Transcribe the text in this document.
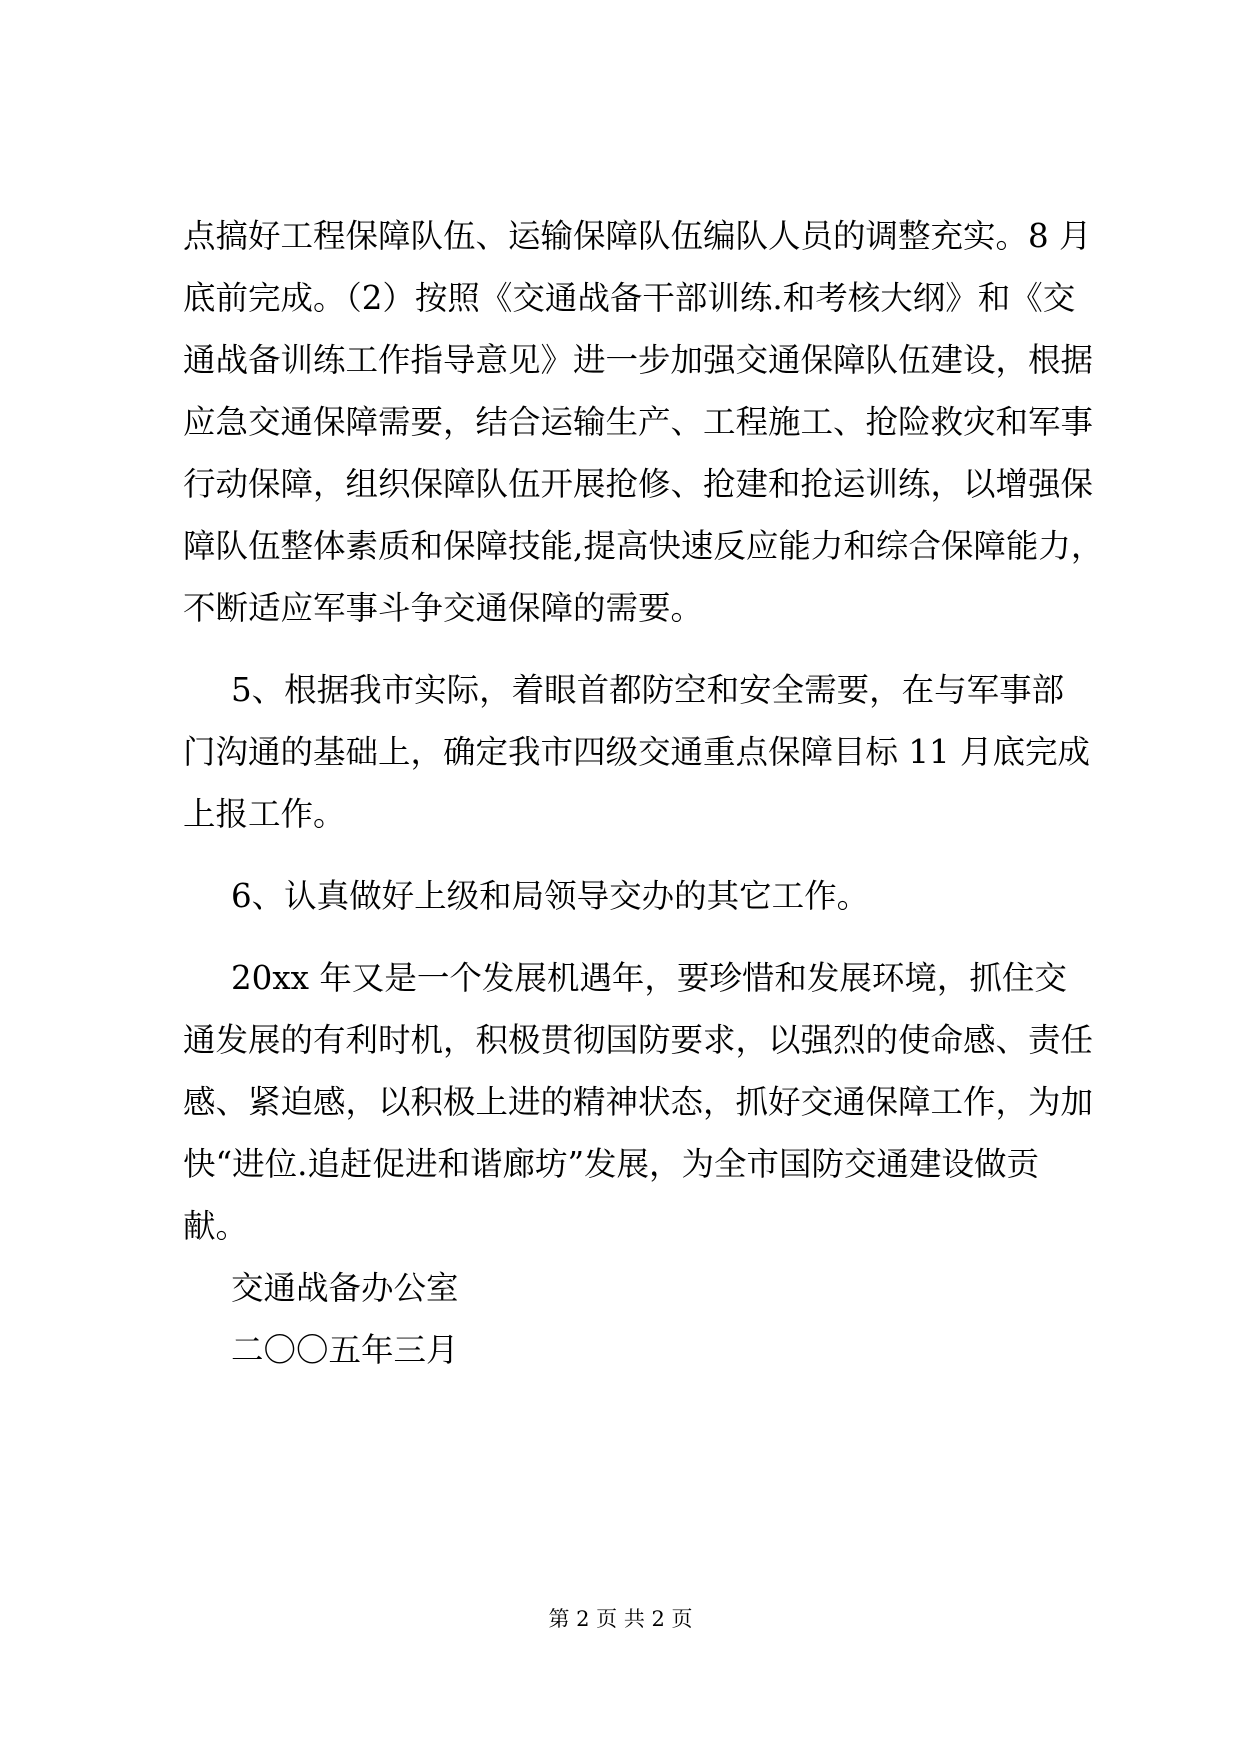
点搞好工程保障队伍、运输保障队伍编队人员的调整充实。8 月
底前完成。（2）按照《交通战备干部训练.和考核大纲》和《交
通战备训练工作指导意见》进一步加强交通保障队伍建设，根据
应急交通保障需要，结合运输生产、工程施工、抢险救灾和军事
行动保障，组织保障队伍开展抢修、抢建和抢运训练，以增强保
障队伍整体素质和保障技能,提高快速反应能力和综合保障能力，
不断适应军事斗争交通保障的需要。
5、根据我市实际，着眼首都防空和安全需要，在与军事部
门沟通的基础上，确定我市四级交通重点保障目标 11 月底完成
上报工作。
6、认真做好上级和局领导交办的其它工作。
20xx 年又是一个发展机遇年，要珍惜和发展环境，抓住交
通发展的有利时机，积极贯彻国防要求，以强烈的使命感、责任
感、紧迫感，以积极上进的精神状态，抓好交通保障工作，为加
快“进位.追赶促进和谐廊坊”发展，为全市国防交通建设做贡
献。
交通战备办公室
二〇〇五年三月
第 2 页 共 2 页
